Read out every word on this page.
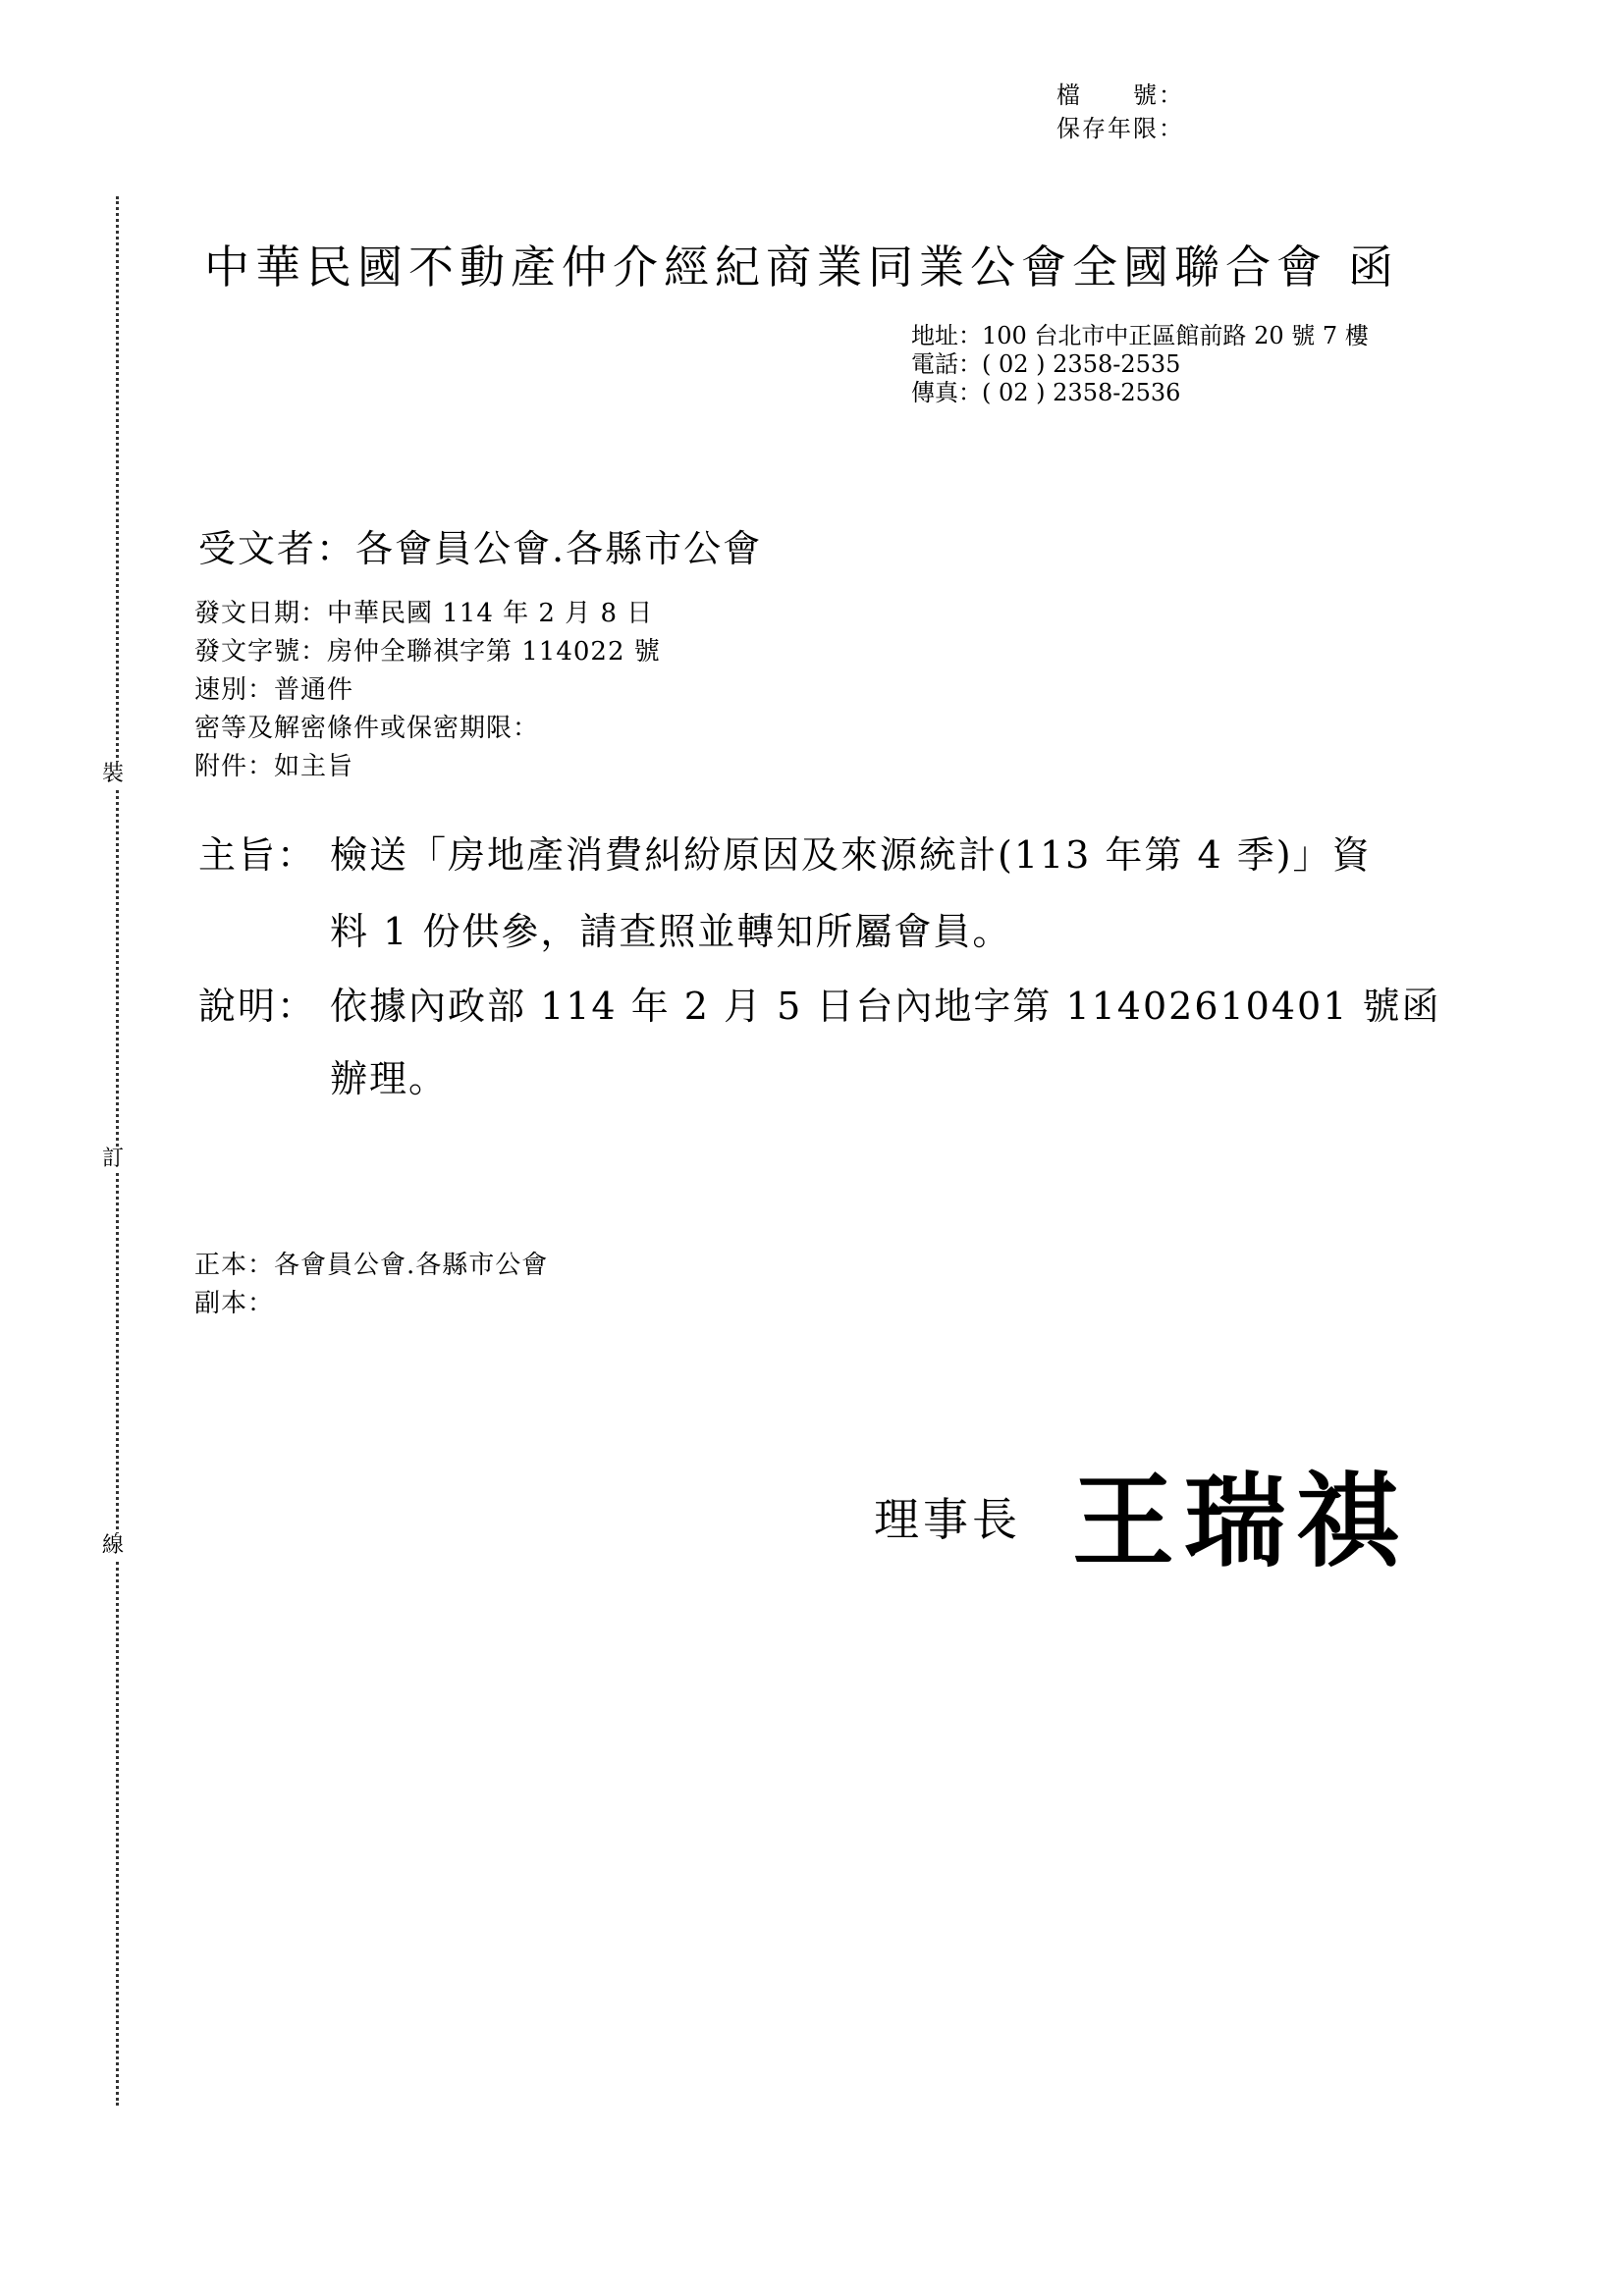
裝
訂
線
檔　　號：
保存年限：
中華民國不動產仲介經紀商業同業公會全國聯合會 函
地址：100 台北市中正區館前路 20 號 7 樓
電話：( 02 ) 2358-2535
傳真：( 02 ) 2358-2536
受文者：各會員公會.各縣市公會
發文日期：中華民國 114 年 2 月 8 日
發文字號：房仲全聯祺字第 114022 號
速別：普通件
密等及解密條件或保密期限：
附件：如主旨
主旨： 檢送「房地產消費糾紛原因及來源統計(113 年第 4 季)」資
料 1 份供參，請查照並轉知所屬會員。
說明： 依據內政部 114 年 2 月 5 日台內地字第 11402610401 號函
辦理。
正本：各會員公會.各縣市公會
副本：
理事長 王瑞祺
